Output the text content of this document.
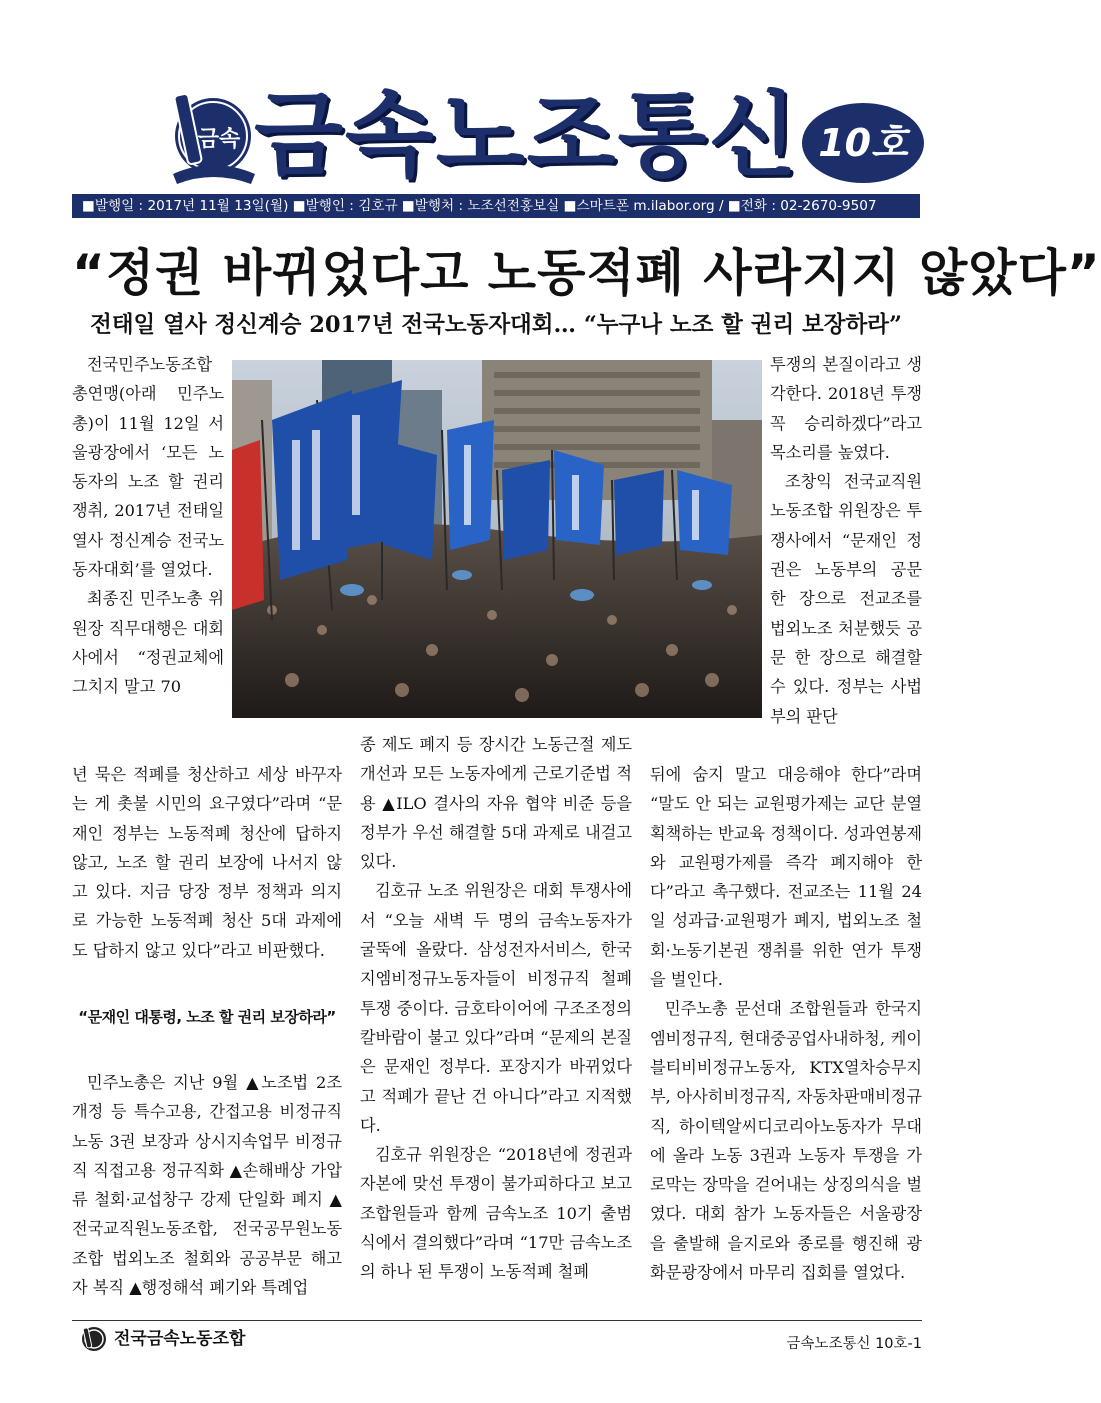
금속 금속노조통신 10호
■발행일 : 2017년 11월 13일(월) ■발행인 : 김호규 ■발행처 : 노조선전홍보실 ■스마트폰 m.ilabor.org / ■전화 : 02-2670-9507
“정권 바뀌었다고 노동적폐 사라지지 않았다”
전태일 열사 정신계승 2017년 전국노동자대회… “누구나 노조 할 권리 보장하라”

전국민주노동조합총연맹(아래 민주노총)이 11월 12일 서울광장에서 ‘모든 노동자의 노조 할 권리 쟁취, 2017년 전태일 열사 정신계승 전국노동자대회’를 열었다.

최종진 민주노총 위원장 직무대행은 대회사에서 “정권교체에 그치지 말고 70

투쟁의 본질이라고 생각한다. 2018년 투쟁 꼭 승리하겠다”라고 목소리를 높였다.

조창익 전국교직원노동조합 위원장은 투쟁사에서 “문재인 정권은 노동부의 공문 한 장으로 전교조를 법외노조 처분했듯 공문 한 장으로 해결할 수 있다. 정부는 사법부의 판단

년 묵은 적폐를 청산하고 세상 바꾸자는 게 촛불 시민의 요구였다”라며 “문재인 정부는 노동적폐 청산에 답하지 않고, 노조 할 권리 보장에 나서지 않고 있다. 지금 당장 정부 정책과 의지로 가능한 노동적폐 청산 5대 과제에도 답하지 않고 있다”라고 비판했다.

“문재인 대통령, 노조 할 권리 보장하라”

민주노총은 지난 9월 ▲노조법 2조 개정 등 특수고용, 간접고용 비정규직 노동 3권 보장과 상시지속업무 비정규직 직접고용 정규직화 ▲손해배상 가압류 철회·교섭창구 강제 단일화 폐지 ▲전국교직원노동조합, 전국공무원노동조합 법외노조 철회와 공공부문 해고자 복직 ▲행정해석 폐기와 특례업

종 제도 폐지 등 장시간 노동근절 제도 개선과 모든 노동자에게 근로기준법 적용 ▲ILO 결사의 자유 협약 비준 등을 정부가 우선 해결할 5대 과제로 내걸고 있다.

김호규 노조 위원장은 대회 투쟁사에서 “오늘 새벽 두 명의 금속노동자가 굴뚝에 올랐다. 삼성전자서비스, 한국지엠비정규노동자들이 비정규직 철폐 투쟁 중이다. 금호타이어에 구조조정의 칼바람이 불고 있다”라며 “문제의 본질은 문재인 정부다. 포장지가 바뀌었다고 적폐가 끝난 건 아니다”라고 지적했다.

김호규 위원장은 “2018년에 정권과 자본에 맞선 투쟁이 불가피하다고 보고 조합원들과 함께 금속노조 10기 출범식에서 결의했다”라며 “17만 금속노조의 하나 된 투쟁이 노동적폐 철폐

뒤에 숨지 말고 대응해야 한다”라며 “말도 안 되는 교원평가제는 교단 분열 획책하는 반교육 정책이다. 성과연봉제와 교원평가제를 즉각 폐지해야 한다”라고 촉구했다. 전교조는 11월 24일 성과급·교원평가 폐지, 법외노조 철회·노동기본권 쟁취를 위한 연가 투쟁을 벌인다.

민주노총 문선대 조합원들과 한국지엠비정규직, 현대중공업사내하청, 케이블티비비정규노동자, KTX열차승무지부, 아사히비정규직, 자동차판매비정규직, 하이텍알씨디코리아노동자가 무대에 올라 노동 3권과 노동자 투쟁을 가로막는 장막을 걷어내는 상징의식을 벌였다. 대회 참가 노동자들은 서울광장을 출발해 을지로와 종로를 행진해 광화문광장에서 마무리 집회를 열었다.

전국금속노동조합	금속노조통신 10호-1
